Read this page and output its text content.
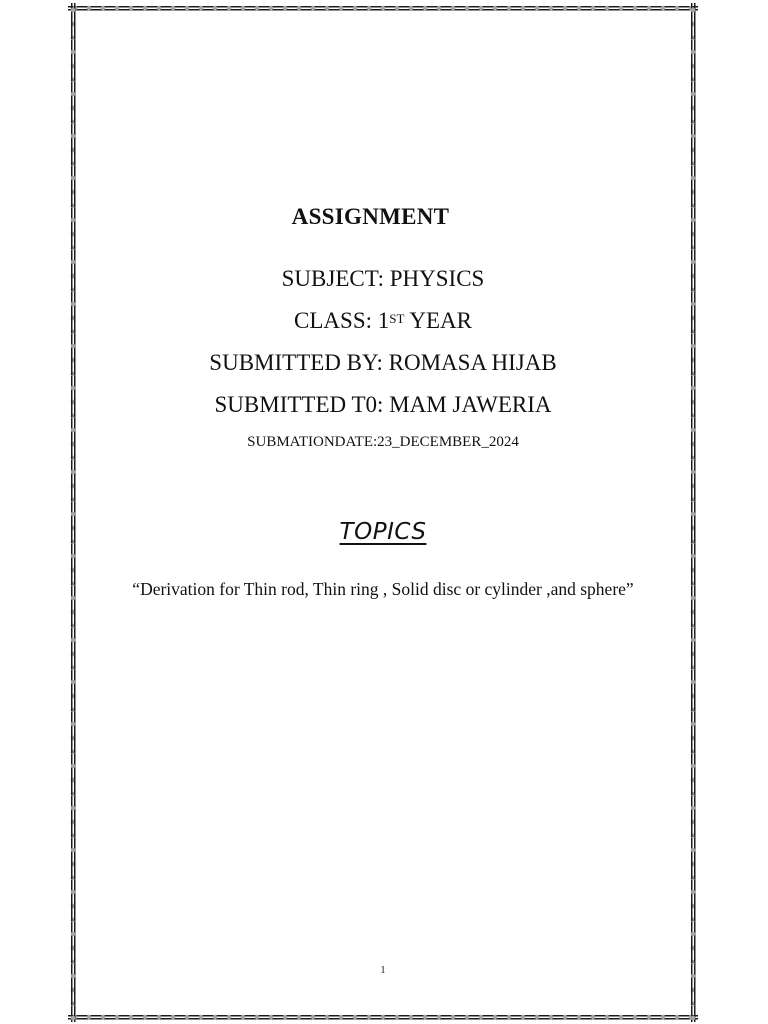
ASSIGNMENT
SUBJECT: PHYSICS
CLASS: 1ST YEAR
SUBMITTED BY: ROMASA HIJAB
SUBMITTED T0: MAM JAWERIA
SUBMATIONDATE:23_DECEMBER_2024
TOPICS
“Derivation for Thin rod, Thin ring , Solid disc or cylinder ,and sphere”
1
